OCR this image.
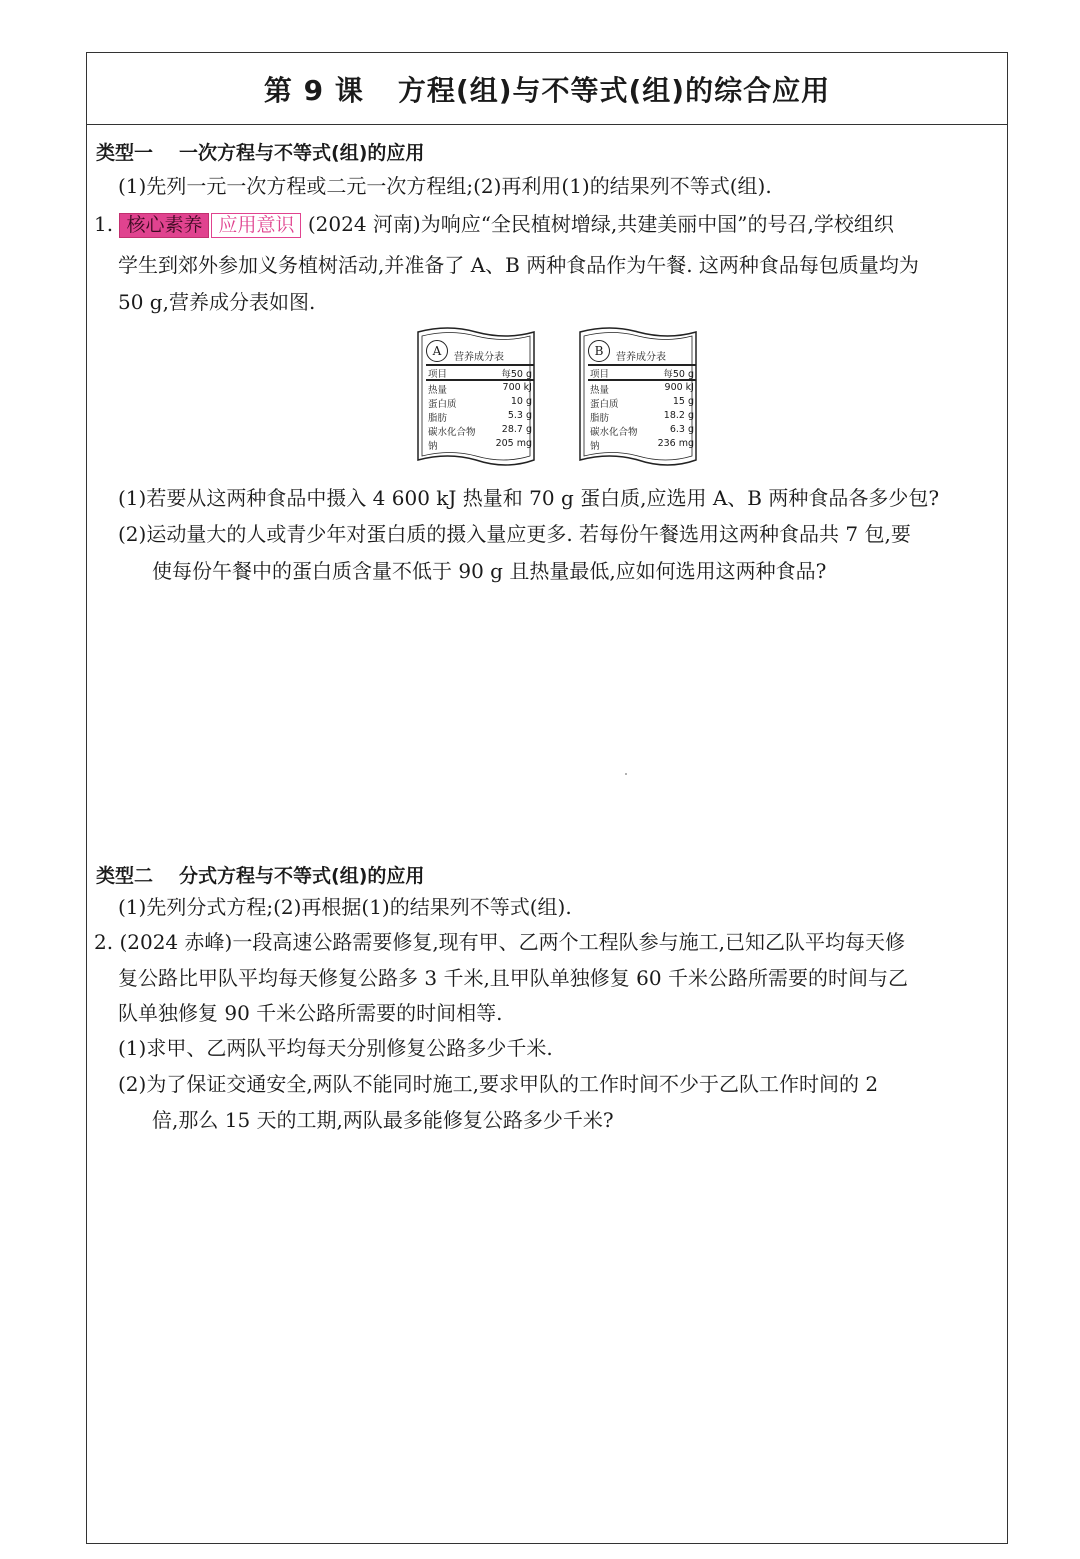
第 9 课 方程(组)与不等式(组)的综合应用
类型一 一次方程与不等式(组)的应用
(1)先列一元一次方程或二元一次方程组;(2)再利用(1)的结果列不等式(组).
1. 核心素养 应用意识 (2024 河南)为响应“全民植树增绿,共建美丽中国”的号召,学校组织
学生到郊外参加义务植树活动,并准备了 A、B 两种食品作为午餐. 这两种食品每包质量均为
50 g,营养成分表如图.
A	营养成分表
项目	每50 g
热量	700 kJ
蛋白质	10 g
脂肪	5.3 g
碳水化合物	28.7 g
钠	205 mg
B	营养成分表
项目	每50 g
热量	900 kJ
蛋白质	15 g
脂肪	18.2 g
碳水化合物	6.3 g
钠	236 mg
(1)若要从这两种食品中摄入 4 600 kJ 热量和 70 g 蛋白质,应选用 A、B 两种食品各多少包?
(2)运动量大的人或青少年对蛋白质的摄入量应更多. 若每份午餐选用这两种食品共 7 包,要
使每份午餐中的蛋白质含量不低于 90 g 且热量最低,应如何选用这两种食品?
类型二 分式方程与不等式(组)的应用
(1)先列分式方程;(2)再根据(1)的结果列不等式(组).
2. (2024 赤峰)一段高速公路需要修复,现有甲、乙两个工程队参与施工,已知乙队平均每天修
复公路比甲队平均每天修复公路多 3 千米,且甲队单独修复 60 千米公路所需要的时间与乙
队单独修复 90 千米公路所需要的时间相等.
(1)求甲、乙两队平均每天分别修复公路多少千米.
(2)为了保证交通安全,两队不能同时施工,要求甲队的工作时间不少于乙队工作时间的 2
倍,那么 15 天的工期,两队最多能修复公路多少千米?
